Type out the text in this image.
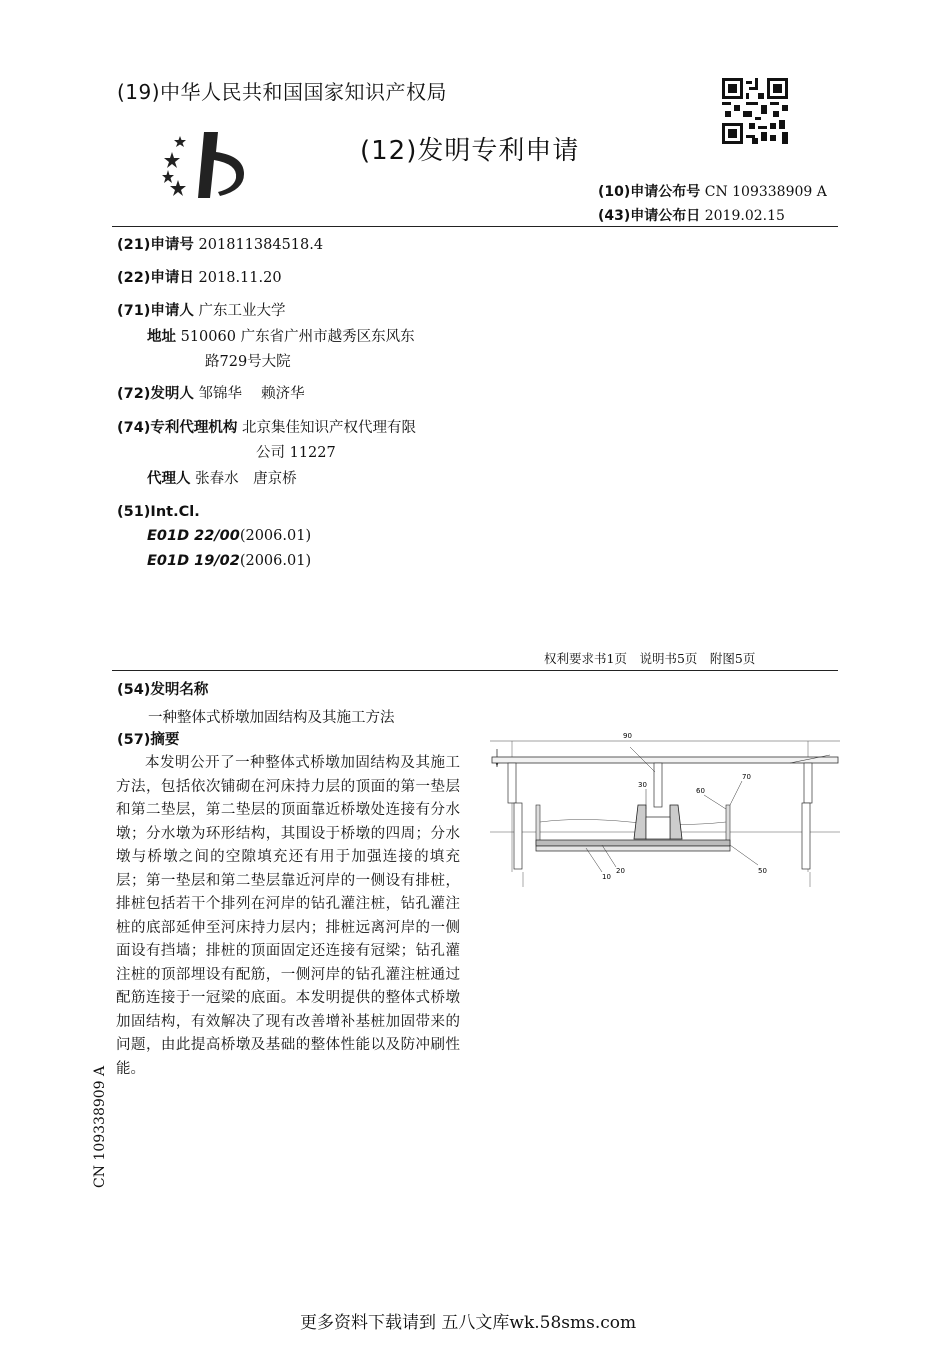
(19)中华人民共和国国家知识产权局
(12)发明专利申请
(10)申请公布号 CN 109338909 A
(43)申请公布日 2019.02.15
(21)申请号 201811384518.4
(22)申请日 2018.11.20
(71)申请人 广东工业大学
地址 510060 广东省广州市越秀区东风东
路729号大院
(72)发明人 邹锦华　 赖济华
(74)专利代理机构 北京集佳知识产权代理有限
公司 11227
代理人 张春水　唐京桥
(51)Int.Cl.
E01D 22/00(2006.01)
E01D 19/02(2006.01)
权利要求书1页　说明书5页　附图5页
(54)发明名称
一种整体式桥墩加固结构及其施工方法
(57)摘要
本发明公开了一种整体式桥墩加固结构及其施工方法，包括依次铺砌在河床持力层的顶面的第一垫层和第二垫层，第二垫层的顶面靠近桥墩处连接有分水墩；分水墩为环形结构，其围设于桥墩的四周；分水墩与桥墩之间的空隙填充还有用于加强连接的填充层；第一垫层和第二垫层靠近河岸的一侧设有排桩，排桩包括若干个排列在河岸的钻孔灌注桩，钻孔灌注桩的底部延伸至河床持力层内；排桩远离河岸的一侧面设有挡墙；排桩的顶面固定还连接有冠梁；钻孔灌注桩的顶部埋设有配筋，一侧河岸的钻孔灌注桩通过配筋连接于一冠梁的底面。本发明提供的整体式桥墩加固结构，有效解决了现有改善增补基桩加固带来的问题，由此提高桥墩及基础的整体性能以及防冲刷性能。
90
30
60
70
10
20	50
CN 109338909 A
更多资料下载请到 五八文库wk.58sms.com
